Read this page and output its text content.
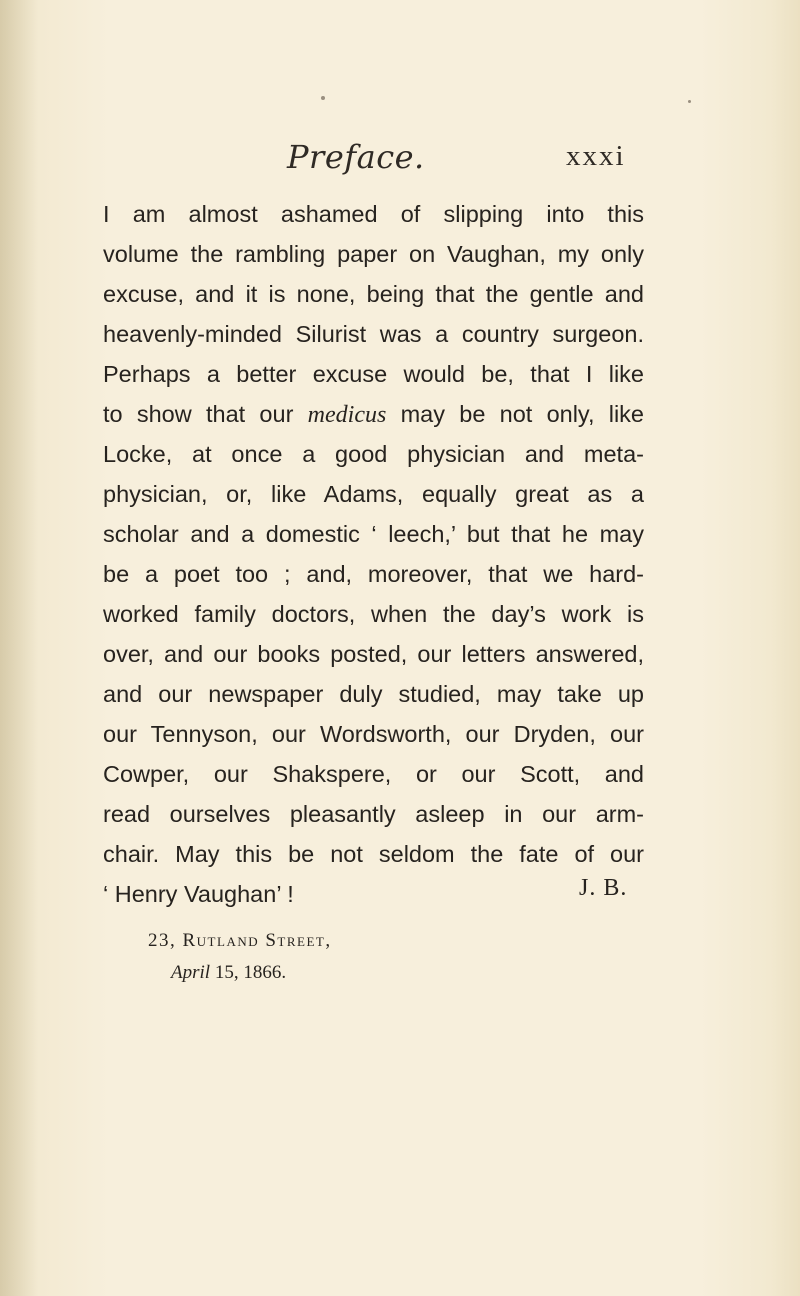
Preface.	xxxi
I am almost ashamed of slipping into this
volume the rambling paper on Vaughan, my only
excuse, and it is none, being that the gentle and
heavenly-minded Silurist was a country surgeon.
Perhaps a better excuse would be, that I like
to show that our medicus may be not only, like
Locke, at once a good physician and meta-
physician, or, like Adams, equally great as a
scholar and a domestic ‘ leech,’ but that he may
be a poet too ; and, moreover, that we hard-
worked family doctors, when the day’s work is
over, and our books posted, our letters answered,
and our newspaper duly studied, may take up
our Tennyson, our Wordsworth, our Dryden, our
Cowper, our Shakspere, or our Scott, and
read ourselves pleasantly asleep in our arm-
chair. May this be not seldom the fate of our
‘ Henry Vaughan’ !	J. B.
23, Rutland Street,
April 15, 1866.
